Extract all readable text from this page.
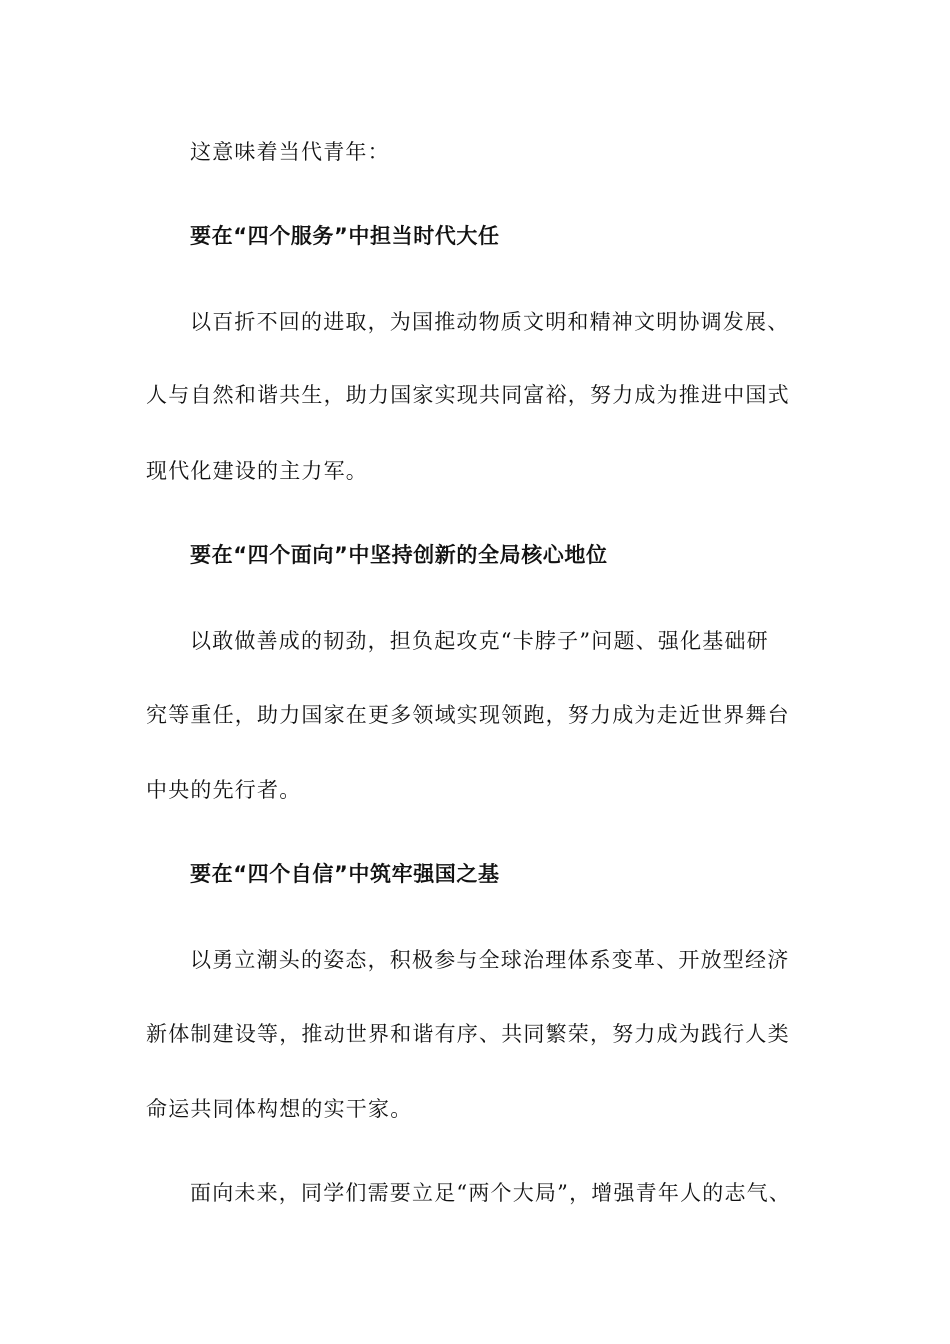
这意味着当代青年：
要在“四个服务”中担当时代大任
以百折不回的进取，为国推动物质文明和精神文明协调发展、
人与自然和谐共生，助力国家实现共同富裕，努力成为推进中国式
现代化建设的主力军。
要在“四个面向”中坚持创新的全局核心地位
以敢做善成的韧劲，担负起攻克“卡脖子”问题、强化基础研
究等重任，助力国家在更多领域实现领跑，努力成为走近世界舞台
中央的先行者。
要在“四个自信”中筑牢强国之基
以勇立潮头的姿态，积极参与全球治理体系变革、开放型经济
新体制建设等，推动世界和谐有序、共同繁荣，努力成为践行人类
命运共同体构想的实干家。
面向未来，同学们需要立足“两个大局”，增强青年人的志气、
